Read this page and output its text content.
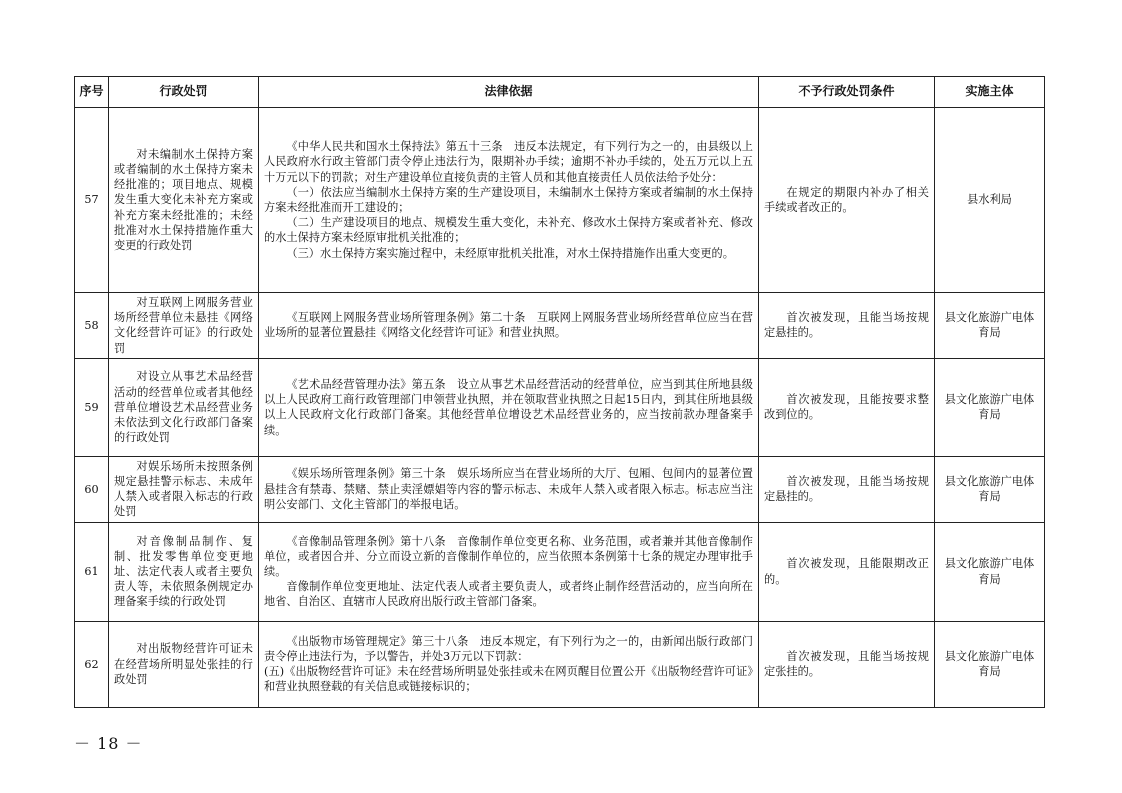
序号	行政处罚	法律依据	不予行政处罚条件	实施主体
57	对未编制水土保持方案或者编制的水土保持方案未经批准的；项目地点、规模发生重大变化未补充方案或补充方案未经批准的；未经批准对水土保持措施作重大变更的行政处罚	《中华人民共和国水土保持法》第五十三条　违反本法规定，有下列行为之一的，由县级以上人民政府水行政主管部门责令停止违法行为，限期补办手续；逾期不补办手续的，处五万元以上五十万元以下的罚款；对生产建设单位直接负责的主管人员和其他直接责任人员依法给予处分：

（一）依法应当编制水土保持方案的生产建设项目，未编制水土保持方案或者编制的水土保持方案未经批准而开工建设的；

（二）生产建设项目的地点、规模发生重大变化，未补充、修改水土保持方案或者补充、修改的水土保持方案未经原审批机关批准的；

（三）水土保持方案实施过程中，未经原审批机关批准，对水土保持措施作出重大变更的。	在规定的期限内补办了相关手续或者改正的。	县水利局
58	对互联网上网服务营业场所经营单位未悬挂《网络文化经营许可证》的行政处罚	《互联网上网服务营业场所管理条例》第二十条　互联网上网服务营业场所经营单位应当在营业场所的显著位置悬挂《网络文化经营许可证》和营业执照。	首次被发现，且能当场按规定悬挂的。	县文化旅游广电体育局
59	对设立从事艺术品经营活动的经营单位或者其他经营单位增设艺术品经营业务未依法到文化行政部门备案的行政处罚	《艺术品经营管理办法》第五条　设立从事艺术品经营活动的经营单位，应当到其住所地县级以上人民政府工商行政管理部门申领营业执照，并在领取营业执照之日起15日内，到其住所地县级以上人民政府文化行政部门备案。其他经营单位增设艺术品经营业务的，应当按前款办理备案手续。	首次被发现，且能按要求整改到位的。	县文化旅游广电体育局
60	对娱乐场所未按照条例规定悬挂警示标志、未成年人禁入或者限入标志的行政处罚	《娱乐场所管理条例》第三十条　娱乐场所应当在营业场所的大厅、包厢、包间内的显著位置悬挂含有禁毒、禁赌、禁止卖淫嫖娼等内容的警示标志、未成年人禁入或者限入标志。标志应当注明公安部门、文化主管部门的举报电话。	首次被发现，且能当场按规定悬挂的。	县文化旅游广电体育局
61	对音像制品制作、复制、批发零售单位变更地址、法定代表人或者主要负责人等，未依照条例规定办理备案手续的行政处罚	《音像制品管理条例》第十八条　音像制作单位变更名称、业务范围，或者兼并其他音像制作单位，或者因合并、分立而设立新的音像制作单位的，应当依照本条例第十七条的规定办理审批手续。

音像制作单位变更地址、法定代表人或者主要负责人，或者终止制作经营活动的，应当向所在地省、自治区、直辖市人民政府出版行政主管部门备案。	首次被发现，且能限期改正的。	县文化旅游广电体育局
62	对出版物经营许可证未在经营场所明显处张挂的行政处罚	《出版物市场管理规定》第三十八条　违反本规定，有下列行为之一的，由新闻出版行政部门责令停止违法行为，予以警告，并处3万元以下罚款：

(五)《出版物经营许可证》未在经营场所明显处张挂或未在网页醒目位置公开《出版物经营许可证》和营业执照登载的有关信息或链接标识的；	首次被发现，且能当场按规定张挂的。	县文化旅游广电体育局
－ 18 －
